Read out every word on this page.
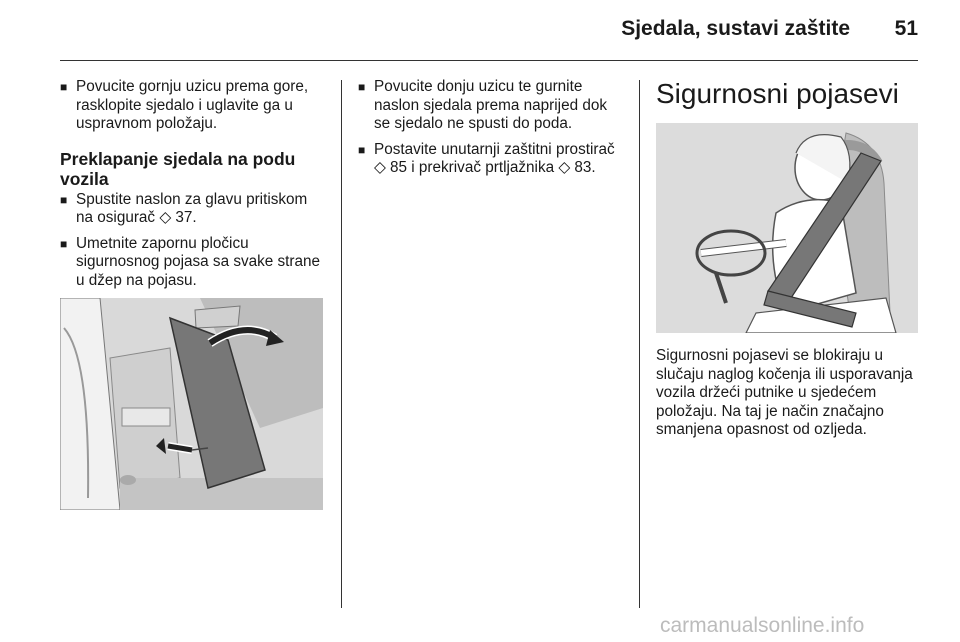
Sjedala, sustavi zaštite	51
■ Povucite gornju uzicu prema gore, rasklopite sjedalo i uglavite ga u uspravnom položaju.
Preklapanje sjedala na podu vozila
■ Spustite naslon za glavu pritiskom na osigurač ◇ 37.
■ Umetnite zapornu pločicu sigurnosnog pojasa sa svake strane u džep na pojasu.
■ Povucite donju uzicu te gurnite naslon sjedala prema naprijed dok se sjedalo ne spusti do poda.
■ Postavite unutarnji zaštitni prostirač ◇ 85 i prekrivač prtljažnika ◇ 83.
Sigurnosni pojasevi
Sigurnosni pojasevi se blokiraju u slučaju naglog kočenja ili usporavanja vozila držeći putnike u sjedećem položaju. Na taj je način značajno smanjena opasnost od ozljeda.
carmanualsonline.info
